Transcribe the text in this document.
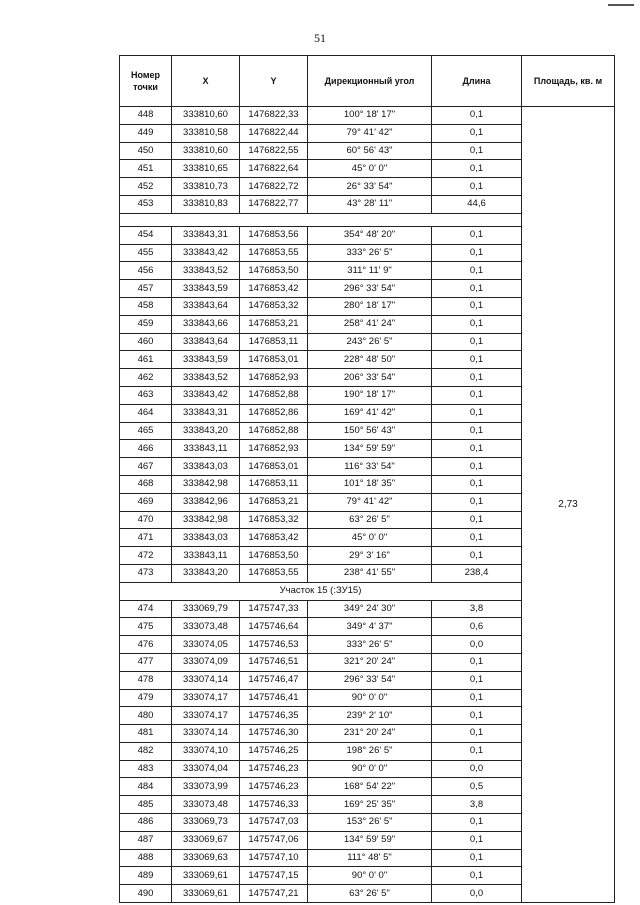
51
Номер точки	X	Y	Дирекционный угол	Длина	Площадь, кв. м
448	333810,60	1476822,33	100° 18' 17"	0,1	2,73
449	333810,58	1476822,44	79° 41' 42"	0,1	
450	333810,60	1476822,55	60° 56' 43"	0,1	
451	333810,65	1476822,64	45° 0' 0"	0,1	
452	333810,73	1476822,72	26° 33' 54"	0,1	
453	333810,83	1476822,77	43° 28' 11"	44,6	

454	333843,31	1476853,56	354° 48' 20"	0,1	
455	333843,42	1476853,55	333° 26' 5"	0,1	
456	333843,52	1476853,50	311° 11' 9"	0,1	
457	333843,59	1476853,42	296° 33' 54"	0,1	
458	333843,64	1476853,32	280° 18' 17"	0,1	
459	333843,66	1476853,21	258° 41' 24"	0,1	
460	333843,64	1476853,11	243° 26' 5"	0,1	
461	333843,59	1476853,01	228° 48' 50"	0,1	
462	333843,52	1476852,93	206° 33' 54"	0,1	
463	333843,42	1476852,88	190° 18' 17"	0,1	
464	333843,31	1476852,86	169° 41' 42"	0,1	
465	333843,20	1476852,88	150° 56' 43"	0,1	
466	333843,11	1476852,93	134° 59' 59"	0,1	
467	333843,03	1476853,01	116° 33' 54"	0,1	
468	333842,98	1476853,11	101° 18' 35"	0,1	
469	333842,96	1476853,21	79° 41' 42"	0,1	
470	333842,98	1476853,32	63° 26' 5"	0,1	
471	333843,03	1476853,42	45° 0' 0"	0,1	
472	333843,11	1476853,50	29° 3' 16"	0,1	
473	333843,20	1476853,55	238° 41' 55"	238,4	
Участок 15 (:ЗУ15)					
474	333069,79	1475747,33	349° 24' 30"	3,8	
475	333073,48	1475746,64	349° 4' 37"	0,6	
476	333074,05	1475746,53	333° 26' 5"	0,0	
477	333074,09	1475746,51	321° 20' 24"	0,1	
478	333074,14	1475746,47	296° 33' 54"	0,1	
479	333074,17	1475746,41	90° 0' 0"	0,1	
480	333074,17	1475746,35	239° 2' 10"	0,1	
481	333074,14	1475746,30	231° 20' 24"	0,1	
482	333074,10	1475746,25	198° 26' 5"	0,1	
483	333074,04	1475746,23	90° 0' 0"	0,0	
484	333073,99	1475746,23	168° 54' 22"	0,5	
485	333073,48	1475746,33	169° 25' 35"	3,8	
486	333069,73	1475747,03	153° 26' 5"	0,1	
487	333069,67	1475747,06	134° 59' 59"	0,1	
488	333069,63	1475747,10	111° 48' 5"	0,1	
489	333069,61	1475747,15	90° 0' 0"	0,1	
490	333069,61	1475747,21	63° 26' 5"	0,0	
